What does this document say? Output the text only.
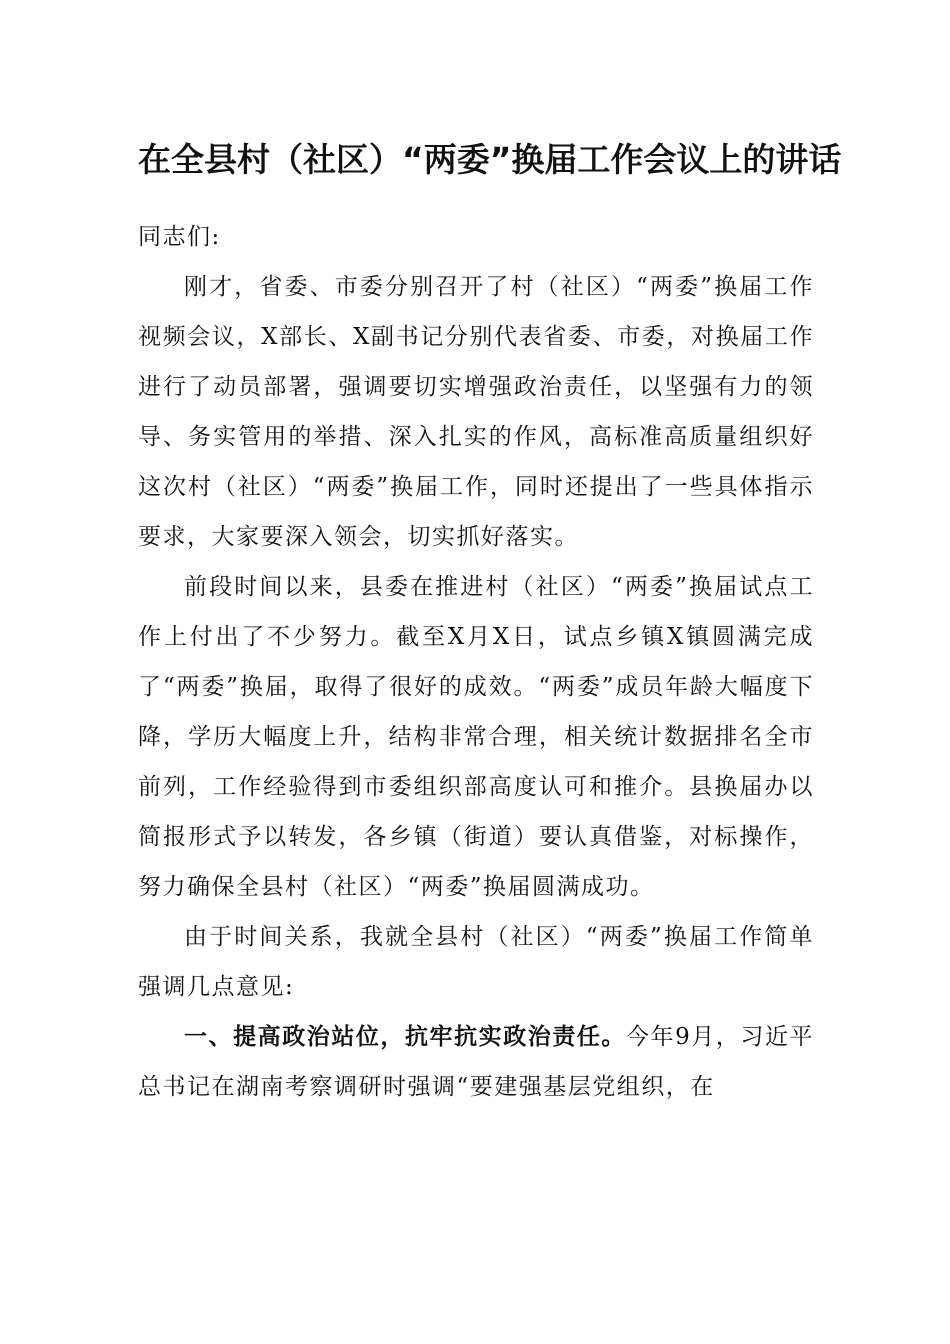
在全县村（社区）“两委”换届工作会议上的讲话

同志们:

刚才，省委、市委分别召开了村（社区）“两委”换届工作视频会议，X部长、X副书记分别代表省委、市委，对换届工作进行了动员部署，强调要切实增强政治责任，以坚强有力的领导、务实管用的举措、深入扎实的作风，高标准高质量组织好这次村（社区）“两委”换届工作，同时还提出了一些具体指示要求，大家要深入领会，切实抓好落实。

前段时间以来，县委在推进村（社区）“两委”换届试点工作上付出了不少努力。截至X月X日，试点乡镇X镇圆满完成了“两委”换届，取得了很好的成效。“两委”成员年龄大幅度下降，学历大幅度上升，结构非常合理，相关统计数据排名全市前列，工作经验得到市委组织部高度认可和推介。县换届办以简报形式予以转发，各乡镇（街道）要认真借鉴，对标操作，努力确保全县村（社区）“两委”换届圆满成功。

由于时间关系，我就全县村（社区）“两委”换届工作简单强调几点意见:

一、提高政治站位，抗牢抗实政治责任。今年9月，习近平总书记在湖南考察调研时强调“要建强基层党组织，在
